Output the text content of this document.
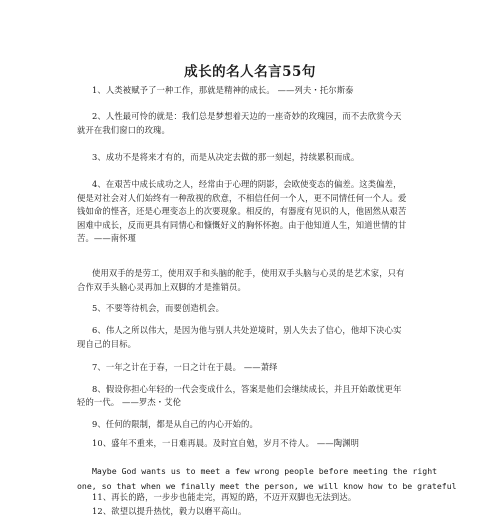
成长的名人名言55句
1、人类被赋予了一种工作，那就是精神的成长。 ——列夫・托尔斯泰
2、人性最可怜的就是：我们总是梦想着天边的一座奇妙的玫瑰园，而不去欣赏今天
就开在我们窗口的玫瑰。
3、成功不是将来才有的，而是从决定去做的那一刻起，持续累积而成。
4、在艰苦中成长成功之人，经常由于心理的阴影，会欧使变态的偏差。这类偏差，
便是对社会对人们始终有一种敌视的欣意，不相信任何一个人，更不同情任何一个人。爱
钱如命的悭吝，还是心理变态上的次要现象。相反的，有器度有见识的人，他固然从艰苦
困难中成长，反而更具有同情心和慷慨好义的胸怀怀抱。由于他知道人生，知道世情的甘
苦。——南怀瑾
使用双手的是劳工，使用双手和头脑的舵手，使用双手头脑与心灵的是艺术家，只有
合作双手头脑心灵再加上双脚的才是推销员。
5、不要等待机会，而要创造机会。
6、伟人之所以伟大，是因为他与别人共处逆境时，别人失去了信心，他却下决心实
现自己的目标。
7、一年之计在于春，一日之计在于晨。 ——萧绎
8、假设你担心年轻的一代会变成什么，答案是他们会继续成长，并且开始敢忧更年
轻的一代。 ——罗杰・艾伦
9、任何的限制，都是从自己的内心开始的。
10、盛年不重来，一日难再晨。及时宜自勉，岁月不待人。 ——陶渊明
Maybe God wants us to meet a few wrong people before meeting the right
one, so that when we finally meet the person, we will know how to be grateful
11、再长的路，一步步也能走完，再短的路，不迈开双脚也无法到达。
12、欲望以提升热忱，毅力以磨平高山。
